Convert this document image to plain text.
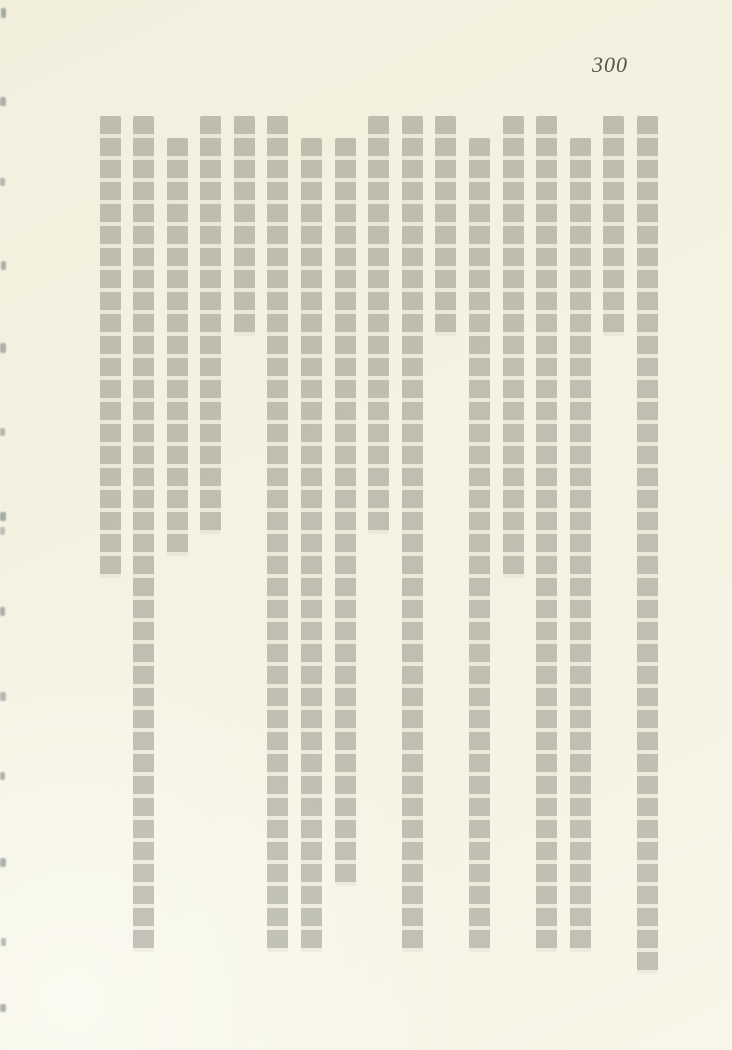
300
